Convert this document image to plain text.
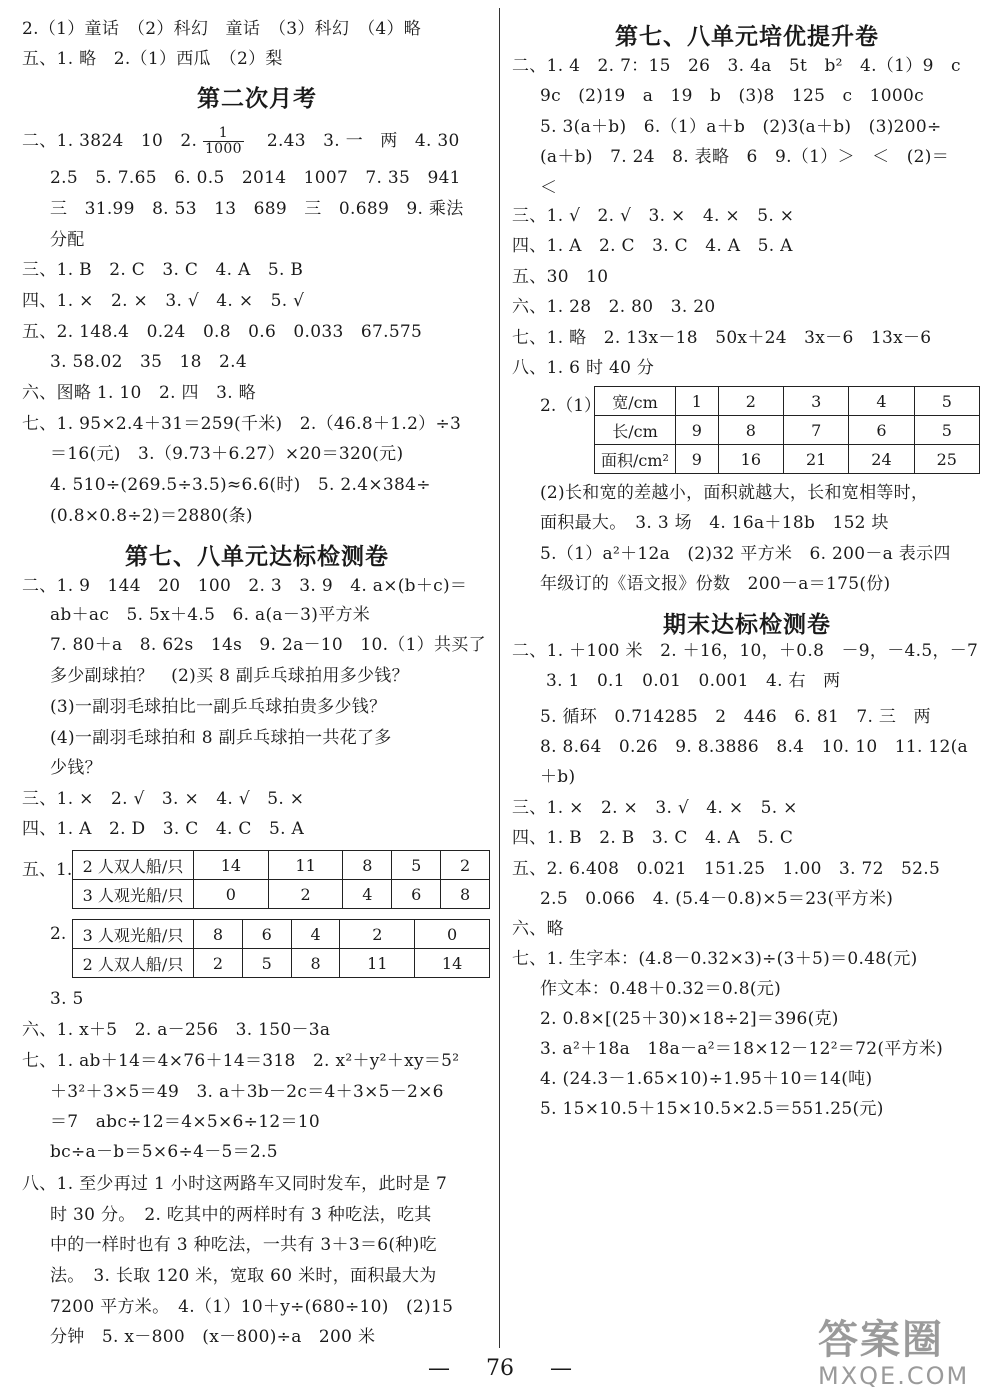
2.（1）童话　（2）科幻　童话　（3）科幻　（4）略
五、1. 略　2.（1）西瓜　（2）梨
第二次月考
二、1. 3824　10　2. $\frac{1}{1000}$ 　2.43　3. 一　两　4. 30
2.5　5. 7.65　6. 0.5　2014　1007　7. 35　941
三　31.99　8. 53　13　689　三　0.689　9. 乘法
分配
三、1. B　2. C　3. C　4. A　5. B
四、1. ×　2. ×　3. √　4. ×　5. √
五、2. 148.4　0.24　0.8　0.6　0.033　67.575
3. 58.02　35　18　2.4
六、图略 1. 10　2. 四　3. 略
七、1. 95×2.4＋31＝259(千米)　2.（46.8＋1.2）÷3
＝16(元)　3.（9.73＋6.27）×20＝320(元)
4. 510÷(269.5÷3.5)≈6.6(时)　5. 2.4×384÷
(0.8×0.8÷2)＝2880(条)
第七、八单元达标检测卷
二、1. 9　144　20　100　2. 3　3. 9　4. a×(b＋c)＝
ab＋ac　5. 5x＋4.5　6. a(a－3)平方米
7. 80＋a　8. 62s　14s　9. 2a－10　10.（1）共买了
多少副球拍？　(2)买 8 副乒乓球拍用多少钱？
(3)一副羽毛球拍比一副乒乓球拍贵多少钱？
(4)一副羽毛球拍和 8 副乒乓球拍一共花了多
少钱？
三、1. ×　2. √　3. ×　4. √　5. ×
四、1. A　2. D　3. C　4. C　5. A
五、1. 2 人双人船/只	14	11	8	5	2
3 人观光船/只	0	2	4	6	8
2. 3 人观光船/只	8	6	4	2	0
2 人双人船/只	2	5	8	11	14
3. 5
六、1. x＋5　2. a－256　3. 150－3a
七、1. ab＋14＝4×76＋14＝318　2. x²＋y²＋xy＝5²
＋3²＋3×5＝49　3. a＋3b－2c＝4＋3×5－2×6
＝7　abc÷12＝4×5×6÷12＝10
bc÷a－b＝5×6÷4－5＝2.5
八、1. 至少再过 1 小时这两路车又同时发车，此时是 7
时 30 分。　2. 吃其中的两样时有 3 种吃法，吃其
中的一样时也有 3 种吃法，一共有 3＋3＝6(种)吃
法。　3. 长取 120 米，宽取 60 米时，面积最大为
7200 平方米。　4.（1）10＋y÷(680÷10)　(2)15
分钟　5. x－800　(x－800)÷a　200 米
第七、八单元培优提升卷
二、1. 4　2. 7：15　26　3. 4a　5t　b²　4.（1）9　c
9c　(2)19　a　19　b　(3)8　125　c　1000c
5. 3(a＋b)　6.（1）a＋b　(2)3(a＋b)　(3)200÷
(a＋b)　7. 24　8. 表略　6　9.（1）＞　＜　(2)＝
＜
三、1. √　2. √　3. ×　4. ×　5. ×
四、1. A　2. C　3. C　4. A　5. A
五、30　10
六、1. 28　2. 80　3. 20
七、1. 略　2. 13x－18　50x＋24　3x－6　13x－6
八、1. 6 时 40 分
2.（1） 宽/cm	1	2	3	4	5
长/cm	9	8	7	6	5
面积/cm²	9	16	21	24	25
(2)长和宽的差越小，面积就越大，长和宽相等时，
面积最大。　3. 3 场　4. 16a＋18b　152 块
5.（1）a²＋12a　(2)32 平方米　6. 200－a 表示四
年级订的《语文报》份数　200－a＝175(份)
期末达标检测卷
二、1. ＋100 米　2. ＋16，10，＋0.8　－9，－4.5，－7
3. 1　0.1　0.01　0.001　4. 右　两
5. 循环　0.7̇14285̇　2　446　6. 81　7. 三　两
8. 8.64　0.26　9. 8.3886　8.4　10. 10　11. 12(a
＋b)
三、1. ×　2. ×　3. √　4. ×　5. ×
四、1. B　2. B　3. C　4. A　5. C
五、2. 6.408　0.021　151.25　1.00　3. 72　52.5
2.5　0.066　4. (5.4－0.8)×5＝23(平方米)
六、略
七、1. 生字本：(4.8－0.32×3)÷(3＋5)＝0.48(元)
作文本：0.48＋0.32＝0.8(元)
2. 0.8×[(25＋30)×18÷2]＝396(克)
3. a²＋18a　18a－a²＝18×12－12²＝72(平方米)
4. (24.3－1.65×10)÷1.95＋10＝14(吨)
5. 15×10.5＋15×10.5×2.5＝551.25(元)
— 76 —
答案圈
MXQE.COM
